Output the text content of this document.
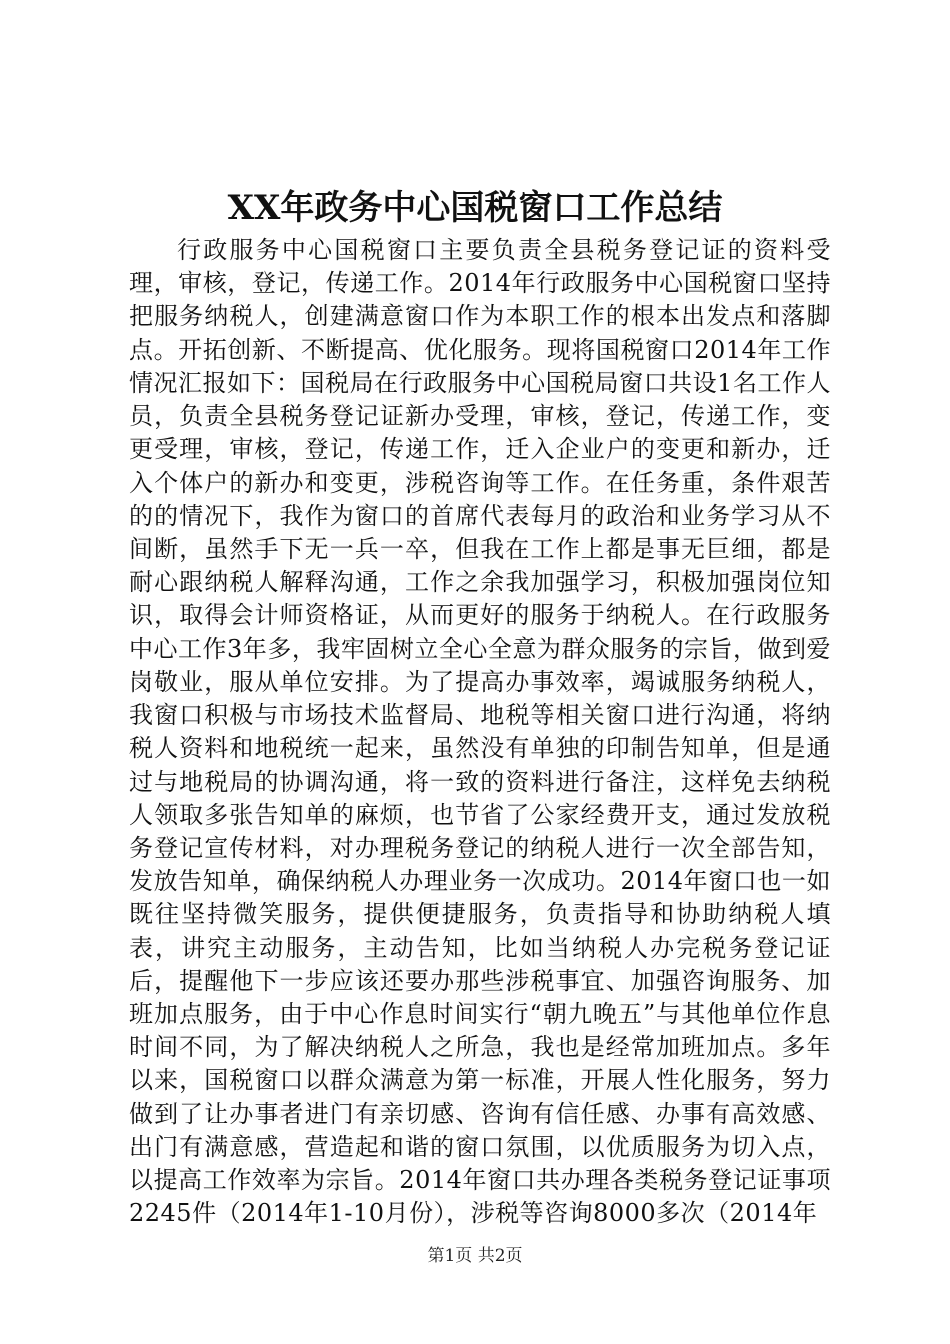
XX年政务中心国税窗口工作总结

行政服务中心国税窗口主要负责全县税务登记证的资料受理，审核，登记，传递工作。2014年行政服务中心国税窗口坚持把服务纳税人，创建满意窗口作为本职工作的根本出发点和落脚点。开拓创新、不断提高、优化服务。现将国税窗口2014年工作情况汇报如下：国税局在行政服务中心国税局窗口共设1名工作人员，负责全县税务登记证新办受理，审核，登记，传递工作，变更受理，审核，登记，传递工作，迁入企业户的变更和新办，迁入个体户的新办和变更，涉税咨询等工作。在任务重，条件艰苦的的情况下，我作为窗口的首席代表每月的政治和业务学习从不间断，虽然手下无一兵一卒，但我在工作上都是事无巨细，都是耐心跟纳税人解释沟通，工作之余我加强学习，积极加强岗位知识，取得会计师资格证，从而更好的服务于纳税人。在行政服务中心工作3年多，我牢固树立全心全意为群众服务的宗旨，做到爱岗敬业，服从单位安排。为了提高办事效率，竭诚服务纳税人，我窗口积极与市场技术监督局、地税等相关窗口进行沟通，将纳税人资料和地税统一起来，虽然没有单独的印制告知单，但是通过与地税局的协调沟通，将一致的资料进行备注，这样免去纳税人领取多张告知单的麻烦，也节省了公家经费开支，通过发放税务登记宣传材料，对办理税务登记的纳税人进行一次全部告知，发放告知单，确保纳税人办理业务一次成功。2014年窗口也一如既往坚持微笑服务，提供便捷服务，负责指导和协助纳税人填表，讲究主动服务，主动告知，比如当纳税人办完税务登记证后，提醒他下一步应该还要办那些涉税事宜、加强咨询服务、加班加点服务，由于中心作息时间实行“朝九晚五”与其他单位作息时间不同，为了解决纳税人之所急，我也是经常加班加点。多年以来，国税窗口以群众满意为第一标准，开展人性化服务，努力做到了让办事者进门有亲切感、咨询有信任感、办事有高效感、出门有满意感，营造起和谐的窗口氛围，以优质服务为切入点，以提高工作效率为宗旨。2014年窗口共办理各类税务登记证事项2245件（2014年1-10月份），涉税等咨询8000多次（2014年

第1页 共2页
